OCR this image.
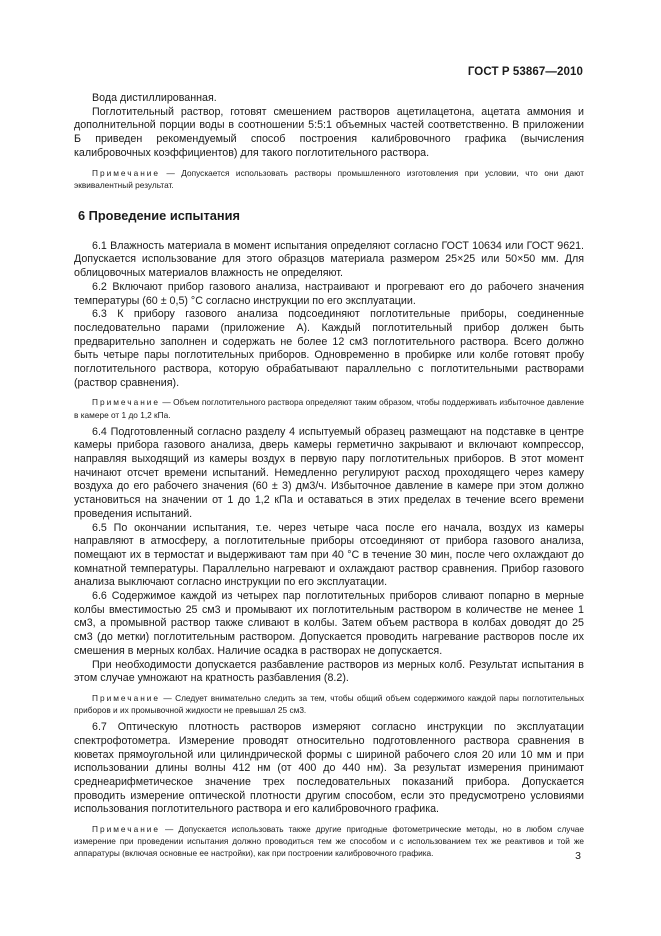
ГОСТ Р 53867—2010

Вода дистиллированная.

Поглотительный раствор, готовят смешением растворов ацетилацетона, ацетата аммония и дополнительной порции воды в соотношении 5:5:1 объемных частей соответственно. В приложении Б приведен рекомендуемый способ построения калибровочного графика (вычисления калибровочных коэффициентов) для такого поглотительного раствора.

Примечание — Допускается использовать растворы промышленного изготовления при условии, что они дают эквивалентный результат.

6 Проведение испытания

6.1 Влажность материала в момент испытания определяют согласно ГОСТ 10634 или ГОСТ 9621. Допускается использование для этого образцов материала размером 25×25 или 50×50 мм. Для облицовочных материалов влажность не определяют.

6.2 Включают прибор газового анализа, настраивают и прогревают его до рабочего значения температуры (60 ± 0,5) °С согласно инструкции по его эксплуатации.

6.3 К прибору газового анализа подсоединяют поглотительные приборы, соединенные последовательно парами (приложение А). Каждый поглотительный прибор должен быть предварительно заполнен и содержать не более 12 см3 поглотительного раствора. Всего должно быть четыре пары поглотительных приборов. Одновременно в пробирке или колбе готовят пробу поглотительного раствора, которую обрабатывают параллельно с поглотительными растворами (раствор сравнения).

Примечание — Объем поглотительного раствора определяют таким образом, чтобы поддерживать избыточное давление в камере от 1 до 1,2 кПа.

6.4 Подготовленный согласно разделу 4 испытуемый образец размещают на подставке в центре камеры прибора газового анализа, дверь камеры герметично закрывают и включают компрессор, направляя выходящий из камеры воздух в первую пару поглотительных приборов. В этот момент начинают отсчет времени испытаний. Немедленно регулируют расход проходящего через камеру воздуха до его рабочего значения (60 ± 3) дм3/ч. Избыточное давление в камере при этом должно установиться на значении от 1 до 1,2 кПа и оставаться в этих пределах в течение всего времени проведения испытаний.

6.5 По окончании испытания, т.е. через четыре часа после его начала, воздух из камеры направляют в атмосферу, а поглотительные приборы отсоединяют от прибора газового анализа, помещают их в термостат и выдерживают там при 40 °С в течение 30 мин, после чего охлаждают до комнатной температуры. Параллельно нагревают и охлаждают раствор сравнения. Прибор газового анализа выключают согласно инструкции по его эксплуатации.

6.6 Содержимое каждой из четырех пар поглотительных приборов сливают попарно в мерные колбы вместимостью 25 см3 и промывают их поглотительным раствором в количестве не менее 1 см3, а промывной раствор также сливают в колбы. Затем объем раствора в колбах доводят до 25 см3 (до метки) поглотительным раствором. Допускается проводить нагревание растворов после их смешения в мерных колбах. Наличие осадка в растворах не допускается.

При необходимости допускается разбавление растворов из мерных колб. Результат испытания в этом случае умножают на кратность разбавления (8.2).

Примечание — Следует внимательно следить за тем, чтобы общий объем содержимого каждой пары поглотительных приборов и их промывочной жидкости не превышал 25 см3.

6.7 Оптическую плотность растворов измеряют согласно инструкции по эксплуатации спектрофотометра. Измерение проводят относительно подготовленного раствора сравнения в кюветах прямоугольной или цилиндрической формы с шириной рабочего слоя 20 или 10 мм и при использовании длины волны 412 нм (от 400 до 440 нм). За результат измерения принимают среднеарифметическое значение трех последовательных показаний прибора. Допускается проводить измерение оптической плотности другим способом, если это предусмотрено условиями использования поглотительного раствора и его калибровочного графика.

Примечание — Допускается использовать также другие пригодные фотометрические методы, но в любом случае измерение при проведении испытания должно проводиться тем же способом и с использованием тех же реактивов и той же аппаратуры (включая основные ее настройки), как при построении калибровочного графика.	3
